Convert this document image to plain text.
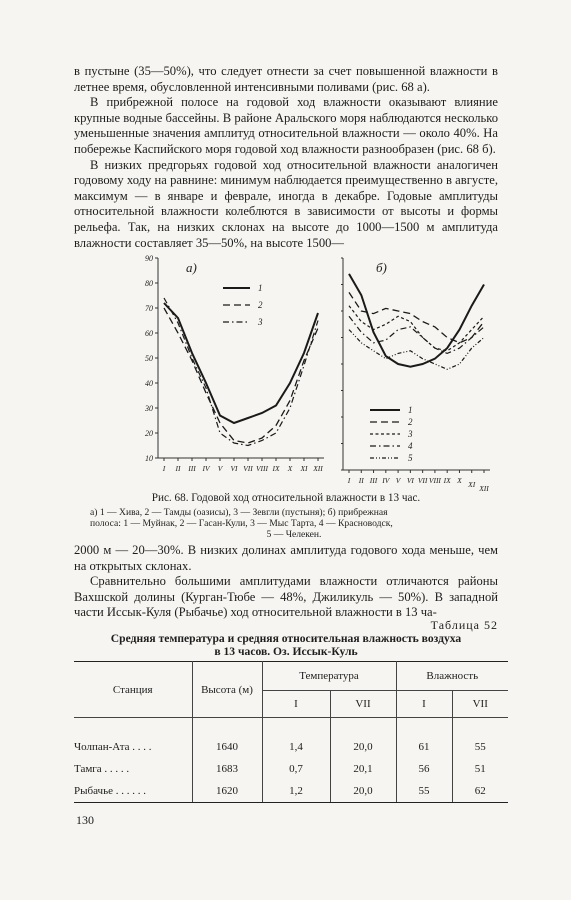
в пустыне (35—50%), что следует отнести за счет повышенной влажности в летнее время, обусловленной интенсивными поливами (рис. 68 а).

В прибрежной полосе на годовой ход влажности оказывают влияние крупные водные бассейны. В районе Аральского моря наблюдаются несколько уменьшенные значения амплитуд относительной влажности — около 40%. На побережье Каспийского моря годовой ход влажности разнообразен (рис. 68 б).

В низких предгорьях годовой ход относительной влажности аналогичен годовому ходу на равнине: минимум наблюдается преимущественно в августе, максимум — в январе и феврале, иногда в декабре. Годовые амплитуды относительной влажности колеблются в зависимости от высоты и формы рельефа. Так, на низких склонах на высоте до 1000—1500 м амплитуда влажности составляет 35—50%, на высоте 1500—

10
20
30
40
50
60
70
80
90
I II III IV V VI VII VIII IX X XI XII
а)
1
2
3
I II III IV V VI VII VIII IX X XI XII
б)
1
2
3
4
5
Рис. 68. Годовой ход относительной влажности в 13 час.

а) 1 — Хива, 2 — Тамды (оазисы), 3 — Зевгли (пустыня); б) прибрежная

полоса: 1 — Муйнак, 2 — Гасан-Кули, 3 — Мыс Тарта, 4 — Красноводск,

5 — Челекен.

2000 м — 20—30%. В низких долинах амплитуда годового хода меньше, чем на открытых склонах.

Сравнительно большими амплитудами влажности отличаются районы Вахшской долины (Курган-Тюбе — 48%, Джиликуль — 50%). В западной части Иссык-Куля (Рыбачье) ход относительной влажности в 13 ча-

Таблица 52
Средняя температура и средняя относительная влажность воздуха
в 13 часов. Оз. Иссык-Куль
Станция	Высота (м)	Температура		Влажность	
		I	VII	I	VII

Чолпан-Ата . . . .	1640	1,4	20,0	61	55
Тамга . . . . .	1683	0,7	20,1	56	51
Рыбачье . . . . . .	1620	1,2	20,0	55	62
130
